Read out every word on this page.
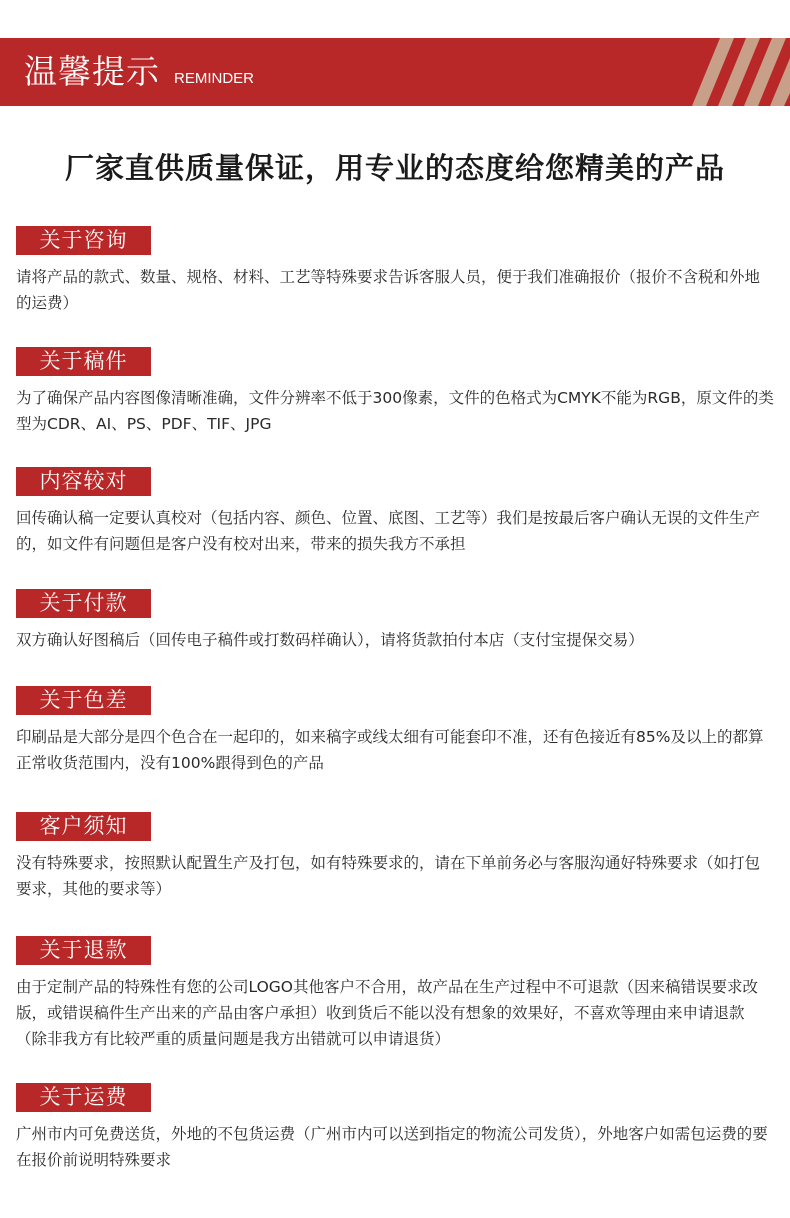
温馨提示 REMINDER
厂家直供质量保证，用专业的态度给您精美的产品
关于咨询
请将产品的款式、数量、规格、材料、工艺等特殊要求告诉客服人员，便于我们准确报价（报价不含税和外地的运费）
关于稿件
为了确保产品内容图像清晰准确，文件分辨率不低于300像素，文件的色格式为CMYK不能为RGB，原文件的类型为CDR、AI、PS、PDF、TIF、JPG
内容较对
回传确认稿一定要认真校对（包括内容、颜色、位置、底图、工艺等）我们是按最后客户确认无误的文件生产的，如文件有问题但是客户没有校对出来，带来的损失我方不承担
关于付款
双方确认好图稿后（回传电子稿件或打数码样确认），请将货款拍付本店（支付宝提保交易）
关于色差
印刷品是大部分是四个色合在一起印的，如来稿字或线太细有可能套印不准，还有色接近有85%及以上的都算正常收货范围内，没有100%跟得到色的产品
客户须知
没有特殊要求，按照默认配置生产及打包，如有特殊要求的，请在下单前务必与客服沟通好特殊要求（如打包要求，其他的要求等）
关于退款
由于定制产品的特殊性有您的公司LOGO其他客户不合用，故产品在生产过程中不可退款（因来稿错误要求改版，或错误稿件生产出来的产品由客户承担）收到货后不能以没有想象的效果好，不喜欢等理由来申请退款（除非我方有比较严重的质量问题是我方出错就可以申请退货）
关于运费
广州市内可免费送货，外地的不包货运费（广州市内可以送到指定的物流公司发货），外地客户如需包运费的要在报价前说明特殊要求
